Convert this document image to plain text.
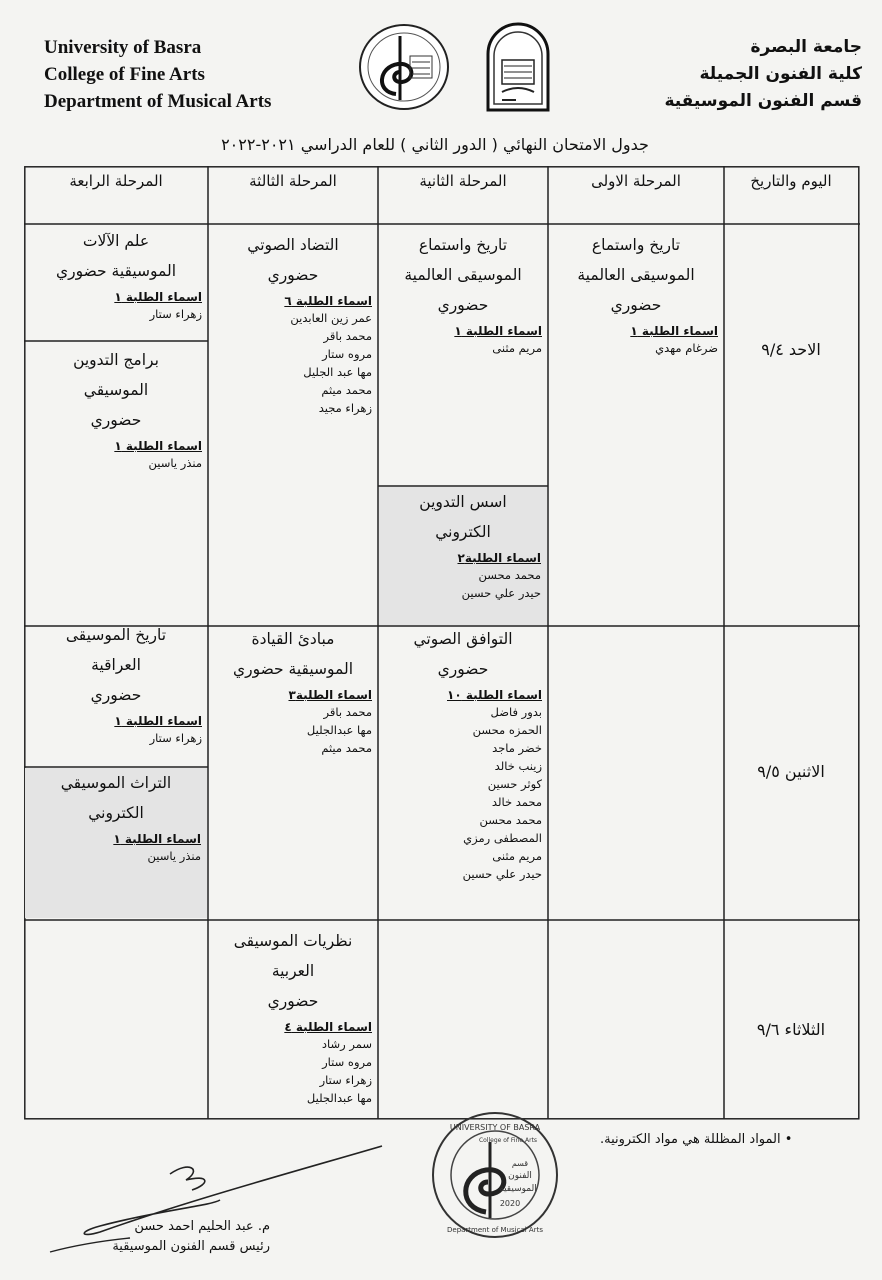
University of Basra
College of Fine Arts
Department of Musical Arts
جامعة البصرة
كلية الفنون الجميلة
قسم الفنون الموسيقية
جدول الامتحان النهائي ( الدور الثاني ) للعام الدراسي ٢٠٢١-٢٠٢٢
اليوم والتاريخ
المرحلة الاولى
المرحلة الثانية
المرحلة الثالثة
المرحلة الرابعة
الاحد ٩/٤
الاثنين ٩/٥
الثلاثاء ٩/٦
تاريخ واستماع
الموسيقى العالمية
حضوري
اسماء الطلبة ١
ضرغام مهدي
تاريخ واستماع
الموسيقى العالمية
حضوري
اسماء الطلبة ١
مريم مثنى
اسس التدوين
الكتروني
اسماء الطلبة٢
محمد محسن
حيدر علي حسين
التضاد الصوتي
حضوري
اسماء الطلبة ٦
عمر زين العابدين
محمد باقر
مروه ستار
مها عبد الجليل
محمد ميثم
زهراء مجيد
علم الآلات
الموسيقية حضوري
اسماء الطلبة ١
زهراء ستار
برامج التدوين
الموسيقي
حضوري
اسماء الطلبة ١
منذر ياسين
التوافق الصوتي
حضوري
اسماء الطلبة ١٠
بدور فاضل
الحمزه محسن
خضر ماجد
زينب خالد
كوثر حسين
محمد خالد
محمد محسن
المصطفى رمزي
مريم مثنى
حيدر علي حسين
مبادئ القيادة
الموسيقية حضوري
اسماء الطلبة٣
محمد باقر
مها عبدالجليل
محمد ميثم
تاريخ الموسيقى
العراقية
حضوري
اسماء الطلبة ١
زهراء ستار
التراث الموسيقي
الكتروني
اسماء الطلبة ١
منذر ياسين
نظريات الموسيقى
العربية
حضوري
اسماء الطلبة ٤
سمر رشاد
مروه ستار
زهراء ستار
مها عبدالجليل
UNIVERSITY OF BASRA
College of Fine Arts
قسم
الفنون
الموسيقية
2020
Department of Musical Arts
• المواد المظللة هي مواد الكترونية.
م. عبد الحليم احمد حسن
رئيس قسم الفنون الموسيقية
